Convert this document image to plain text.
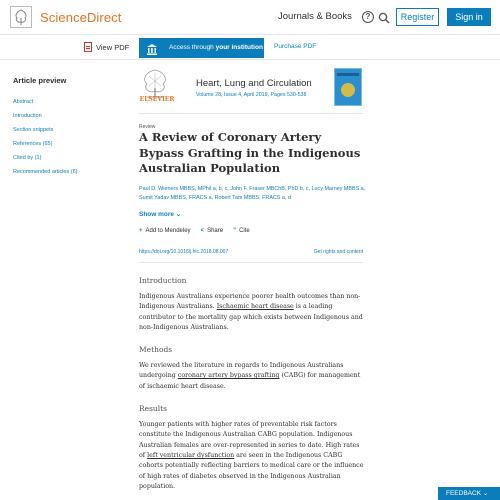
ScienceDirect	Journals & Books	?	Register	Sign in
View PDF	Access through your institution Purchase PDF
Article preview
Abstract
Introduction
Section snippets
References (65)
Cited by (1)
Recommended articles (6)
ELSEVIER
Heart, Lung and Circulation
Volume 28, Issue 4, April 2019, Pages 530-538
Review
A Review of Coronary Artery Bypass Grafting in the Indigenous Australian Population
Paul D. Wieners MBBS, MPhil a, b, c, John F. Fraser MBChB, PhD b, c, Lucy Marney MBBS a, Sumit Yadav MBBS, FRACS a, Robert Tam MBBS, FRACS a, d
Show more ⌄
+ Add to Mendeley < Share ” Cite
https://doi.org/10.1016/j.hlc.2018.08.007	Get rights and content
Introduction

Indigenous Australians experience poorer health outcomes than non-Indigenous Australians. Ischaemic heart disease is a leading contributor to the mortality gap which exists between Indigenous and non-Indigenous Australians.

Methods

We reviewed the literature in regards to Indigenous Australians undergoing coronary artery bypass grafting (CABG) for management of ischaemic heart disease.

Results

Younger patients with higher rates of preventable risk factors constitute the Indigenous Australian CABG population. Indigenous Australian females are over-represented in series to date. High rates of left ventricular dysfunction are seen in the Indigenous CABG cohorts potentially reflecting barriers to medical care or the influence of high rates of diabetes observed in the Indigenous Australian population.

FEEDBACK ⌄
